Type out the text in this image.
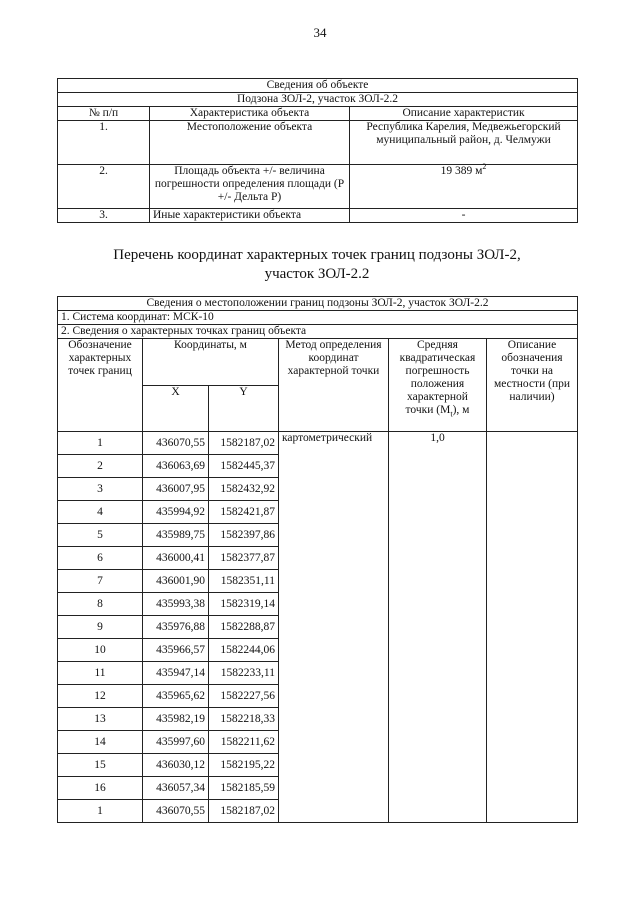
34
Сведения об объекте		
Подзона ЗОЛ-2, участок ЗОЛ-2.2		
№ п/п	Характеристика объекта	Описание характеристик
1.	Местоположение объекта	Республика Карелия, Медвежьегорский муниципальный район, д. Челмужи
2.	Площадь объекта +/- величина погрешности определения площади (Р +/- Дельта Р)	19 389 $м^2$
3.	Иные характеристики объекта	-
Перечень координат характерных точек границ подзоны ЗОЛ-2,
участок ЗОЛ-2.2
Сведения о местоположении границ подзоны ЗОЛ-2, участок ЗОЛ-2.2					
1. Система координат: МСК-10					
2. Сведения о характерных точках границ объекта					
Обозначение характерных точек границ	Координаты, м		Метод определения координат характерной точки	Средняя квадратическая погрешность положения характерной точки $(M_t)$, м	Описание обозначения точки на местности (при наличии)
	X	Y			
1	436070,55	1582187,02	картометрический	1,0	
2	436063,69	1582445,37			
3	436007,95	1582432,92			
4	435994,92	1582421,87			
5	435989,75	1582397,86			
6	436000,41	1582377,87			
7	436001,90	1582351,11			
8	435993,38	1582319,14			
9	435976,88	1582288,87			
10	435966,57	1582244,06			
11	435947,14	1582233,11			
12	435965,62	1582227,56			
13	435982,19	1582218,33			
14	435997,60	1582211,62			
15	436030,12	1582195,22			
16	436057,34	1582185,59			
1	436070,55	1582187,02			
